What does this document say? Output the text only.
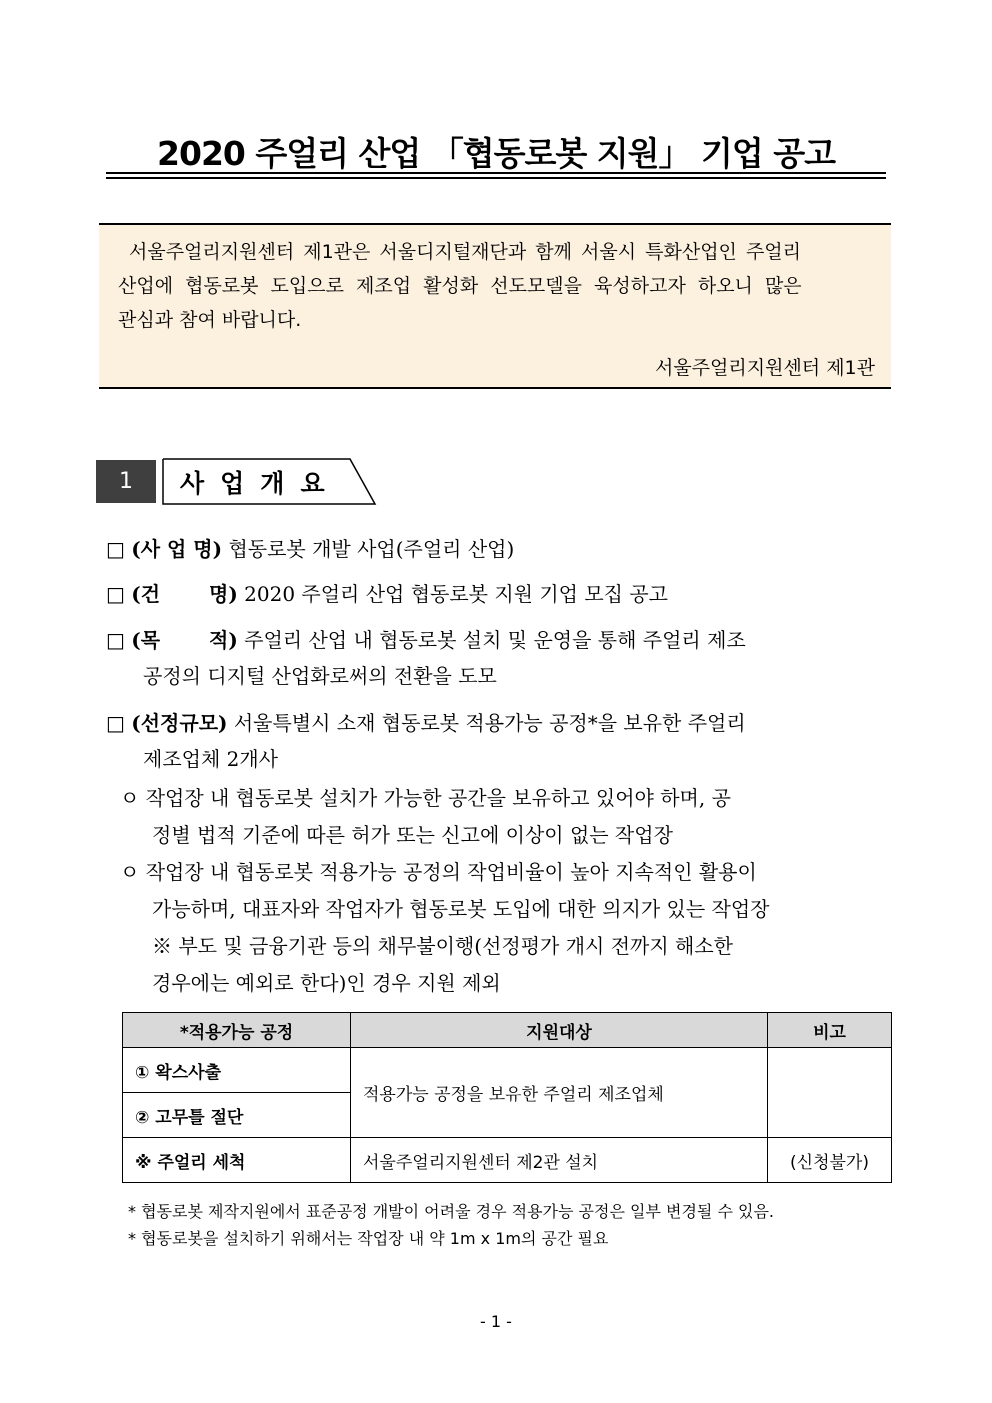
2020 주얼리 산업 「협동로봇 지원」 기업 공고
서울주얼리지원센터 제1관은 서울디지털재단과 함께 서울시 특화산업인 주얼리
산업에 협동로봇 도입으로 제조업 활성화 선도모델을 육성하고자 하오니 많은
관심과 참여 바랍니다.
서울주얼리지원센터 제1관
1	사업개요
□ (사 업 명) 협동로봇 개발 사업(주얼리 산업)
□ (건 명) 2020 주얼리 산업 협동로봇 지원 기업 모집 공고
□ (목 적) 주얼리 산업 내 협동로봇 설치 및 운영을 통해 주얼리 제조
공정의 디지털 산업화로써의 전환을 도모
□ (선정규모) 서울특별시 소재 협동로봇 적용가능 공정*을 보유한 주얼리
제조업체 2개사
ㅇ 작업장 내 협동로봇 설치가 가능한 공간을 보유하고 있어야 하며, 공
정별 법적 기준에 따른 허가 또는 신고에 이상이 없는 작업장
ㅇ 작업장 내 협동로봇 적용가능 공정의 작업비율이 높아 지속적인 활용이
가능하며, 대표자와 작업자가 협동로봇 도입에 대한 의지가 있는 작업장
※ 부도 및 금융기관 등의 채무불이행(선정평가 개시 전까지 해소한
경우에는 예외로 한다)인 경우 지원 제외
*적용가능 공정	지원대상	비고
① 왁스사출	적용가능 공정을 보유한 주얼리 제조업체	
② 고무틀 절단		
※ 주얼리 세척	서울주얼리지원센터 제2관 설치	(신청불가)
* 협동로봇 제작지원에서 표준공정 개발이 어려울 경우 적용가능 공정은 일부 변경될 수 있음.
* 협동로봇을 설치하기 위해서는 작업장 내 약 1m x 1m의 공간 필요
- 1 -
